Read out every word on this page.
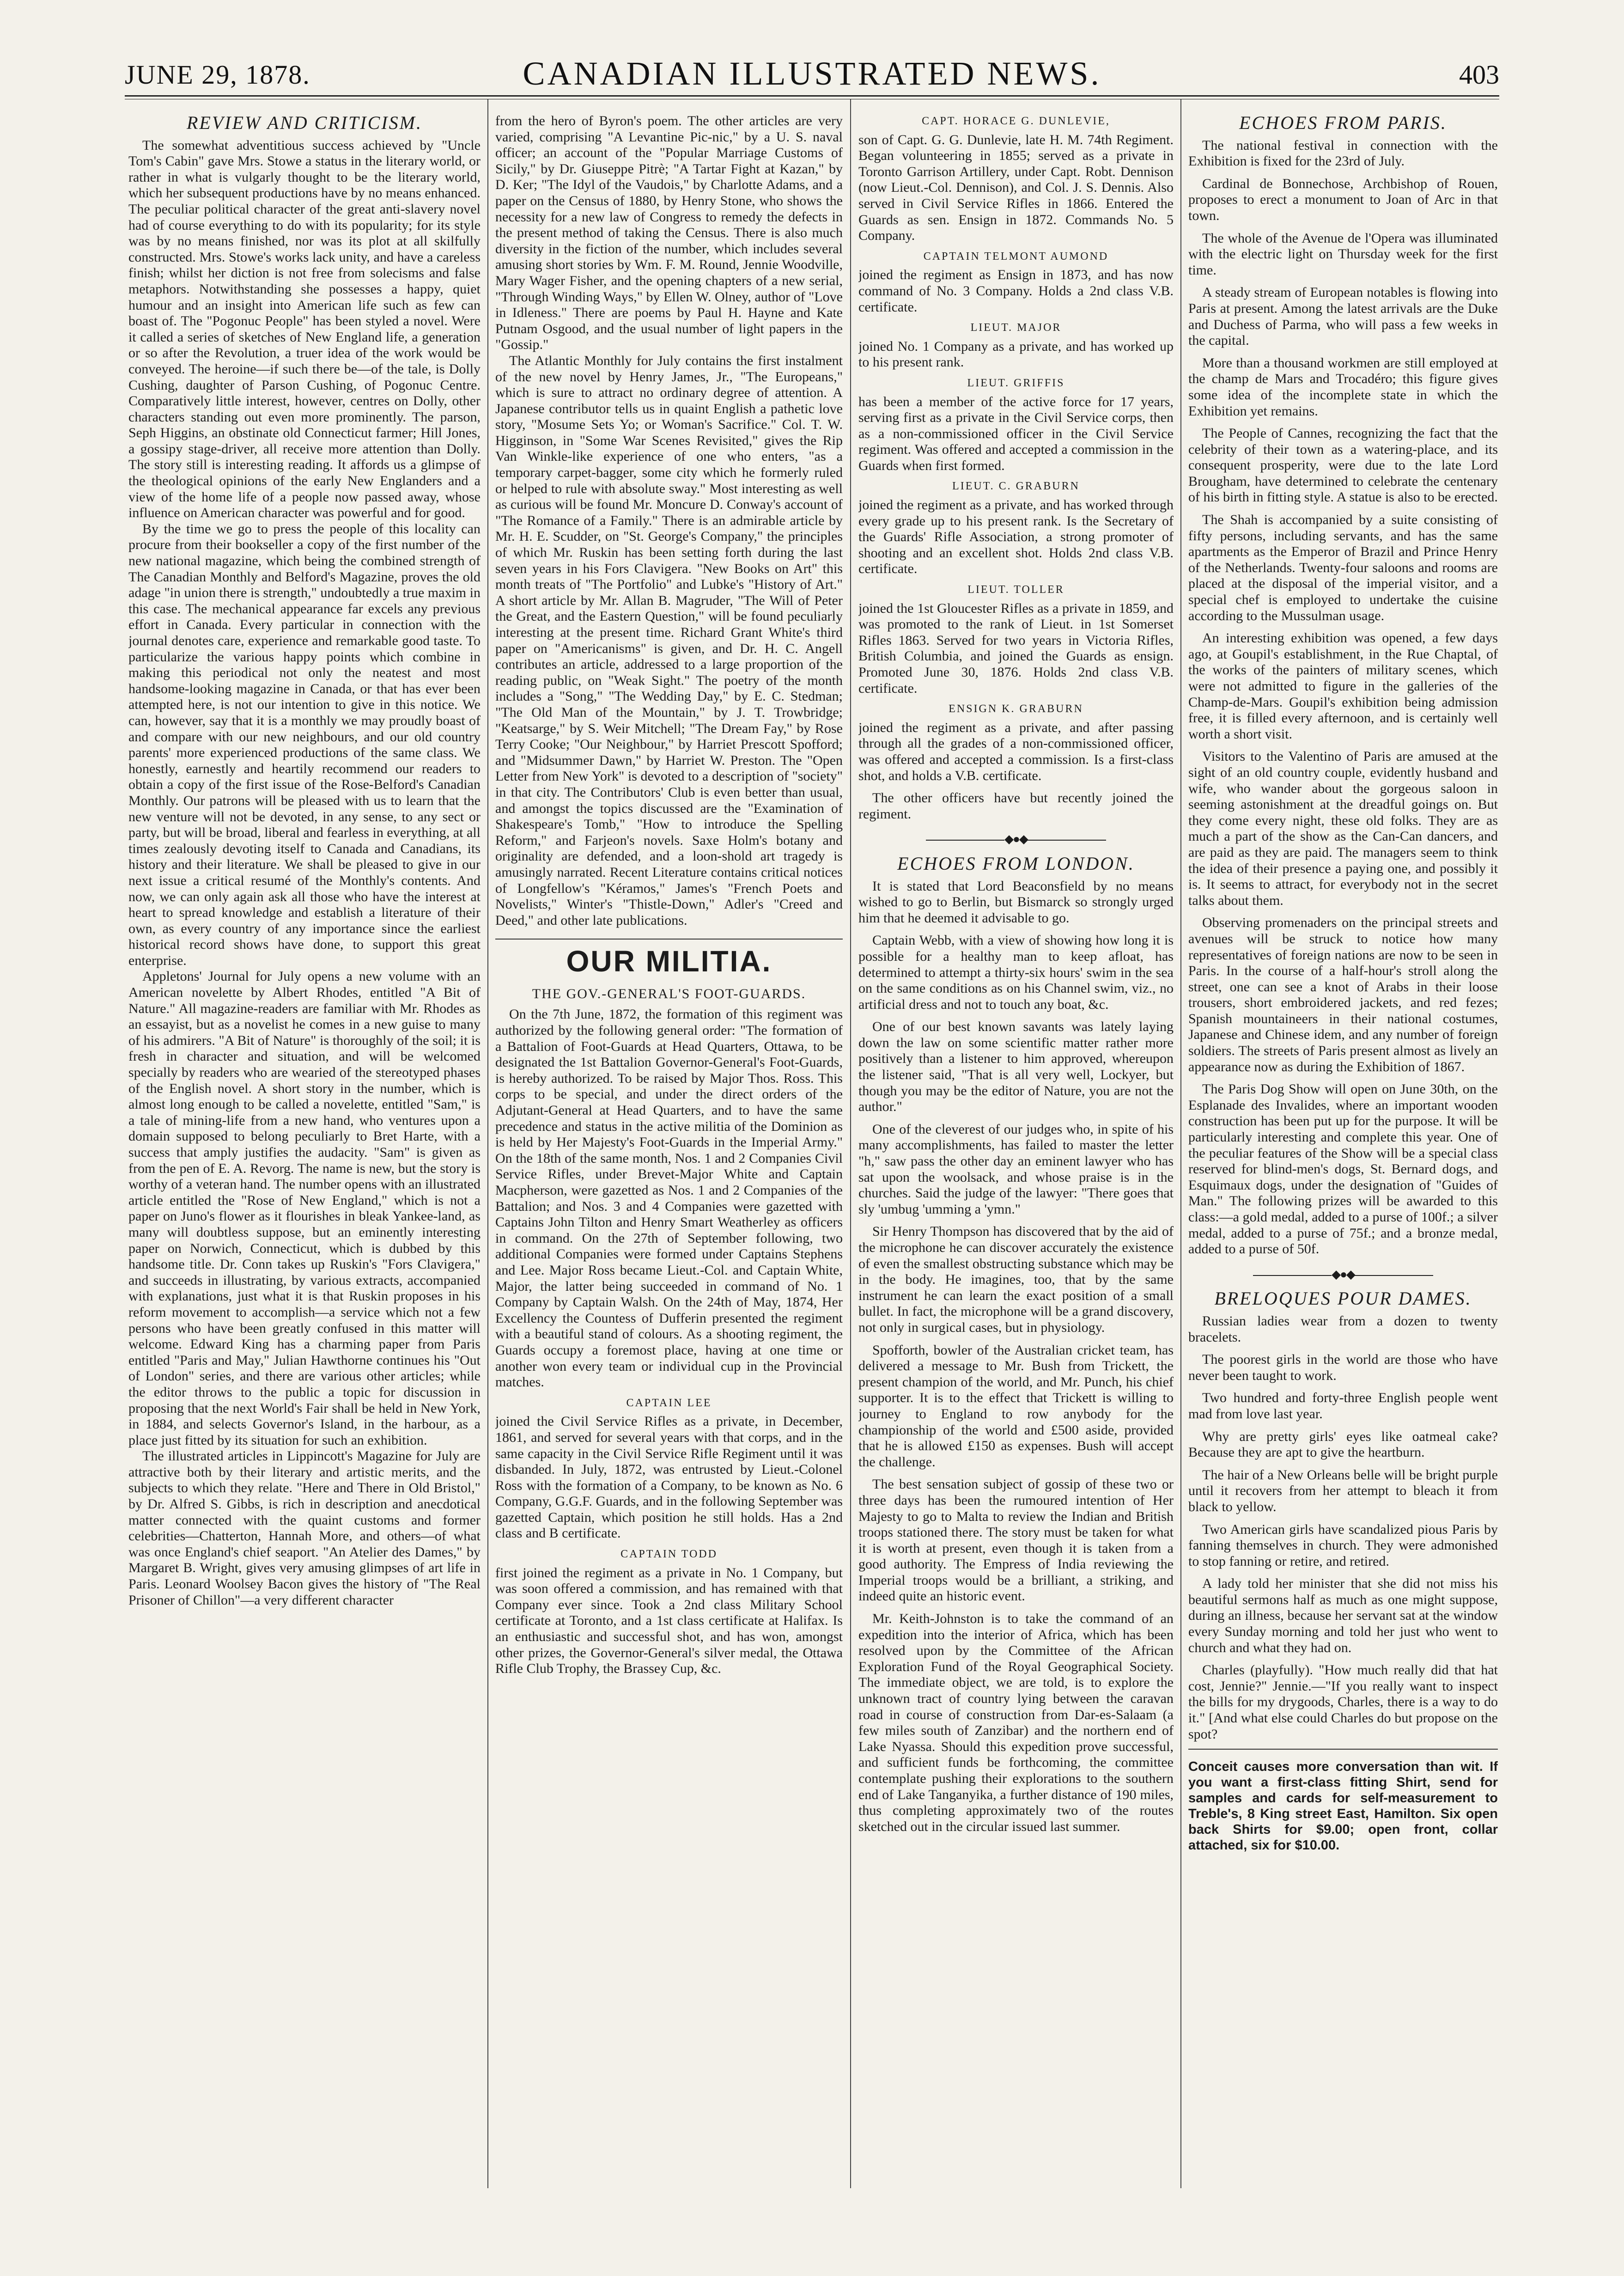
JUNE 29, 1878.	CANADIAN ILLUSTRATED NEWS.	403
REVIEW AND CRITICISM.

The somewhat adventitious success achieved by "Uncle Tom's Cabin" gave Mrs. Stowe a status in the literary world, or rather in what is vulgarly thought to be the literary world, which her subsequent productions have by no means enhanced. The peculiar political character of the great anti-slavery novel had of course everything to do with its popularity; for its style was by no means finished, nor was its plot at all skilfully constructed. Mrs. Stowe's works lack unity, and have a careless finish; whilst her diction is not free from solecisms and false metaphors. Notwithstanding she possesses a happy, quiet humour and an insight into American life such as few can boast of. The "Pogonuc People" has been styled a novel. Were it called a series of sketches of New England life, a generation or so after the Revolution, a truer idea of the work would be conveyed. The heroine—if such there be—of the tale, is Dolly Cushing, daughter of Parson Cushing, of Pogonuc Centre. Comparatively little interest, however, centres on Dolly, other characters standing out even more prominently. The parson, Seph Higgins, an obstinate old Connecticut farmer; Hill Jones, a gossipy stage-driver, all receive more attention than Dolly. The story still is interesting reading. It affords us a glimpse of the theological opinions of the early New Englanders and a view of the home life of a people now passed away, whose influence on American character was powerful and for good.

By the time we go to press the people of this locality can procure from their bookseller a copy of the first number of the new national magazine, which being the combined strength of The Canadian Monthly and Belford's Magazine, proves the old adage "in union there is strength," undoubtedly a true maxim in this case. The mechanical appearance far excels any previous effort in Canada. Every particular in connection with the journal denotes care, experience and remarkable good taste. To particularize the various happy points which combine in making this periodical not only the neatest and most handsome-looking magazine in Canada, or that has ever been attempted here, is not our intention to give in this notice. We can, however, say that it is a monthly we may proudly boast of and compare with our new neighbours, and our old country parents' more experienced productions of the same class. We honestly, earnestly and heartily recommend our readers to obtain a copy of the first issue of the Rose-Belford's Canadian Monthly. Our patrons will be pleased with us to learn that the new venture will not be devoted, in any sense, to any sect or party, but will be broad, liberal and fearless in everything, at all times zealously devoting itself to Canada and Canadians, its history and their literature. We shall be pleased to give in our next issue a critical resumé of the Monthly's contents. And now, we can only again ask all those who have the interest at heart to spread knowledge and establish a literature of their own, as every country of any importance since the earliest historical record shows have done, to support this great enterprise.

Appletons' Journal for July opens a new volume with an American novelette by Albert Rhodes, entitled "A Bit of Nature." All magazine-readers are familiar with Mr. Rhodes as an essayist, but as a novelist he comes in a new guise to many of his admirers. "A Bit of Nature" is thoroughly of the soil; it is fresh in character and situation, and will be welcomed specially by readers who are wearied of the stereotyped phases of the English novel. A short story in the number, which is almost long enough to be called a novelette, entitled "Sam," is a tale of mining-life from a new hand, who ventures upon a domain supposed to belong peculiarly to Bret Harte, with a success that amply justifies the audacity. "Sam" is given as from the pen of E. A. Revorg. The name is new, but the story is worthy of a veteran hand. The number opens with an illustrated article entitled the "Rose of New England," which is not a paper on Juno's flower as it flourishes in bleak Yankee-land, as many will doubtless suppose, but an eminently interesting paper on Norwich, Connecticut, which is dubbed by this handsome title. Dr. Conn takes up Ruskin's "Fors Clavigera," and succeeds in illustrating, by various extracts, accompanied with explanations, just what it is that Ruskin proposes in his reform movement to accomplish—a service which not a few persons who have been greatly confused in this matter will welcome. Edward King has a charming paper from Paris entitled "Paris and May," Julian Hawthorne continues his "Out of London" series, and there are various other articles; while the editor throws to the public a topic for discussion in proposing that the next World's Fair shall be held in New York, in 1884, and selects Governor's Island, in the harbour, as a place just fitted by its situation for such an exhibition.

The illustrated articles in Lippincott's Magazine for July are attractive both by their literary and artistic merits, and the subjects to which they relate. "Here and There in Old Bristol," by Dr. Alfred S. Gibbs, is rich in description and anecdotical matter connected with the quaint customs and former celebrities—Chatterton, Hannah More, and others—of what was once England's chief seaport. "An Atelier des Dames," by Margaret B. Wright, gives very amusing glimpses of art life in Paris. Leonard Woolsey Bacon gives the history of "The Real Prisoner of Chillon"—a very different character

from the hero of Byron's poem. The other articles are very varied, comprising "A Levantine Pic-nic," by a U. S. naval officer; an account of the "Popular Marriage Customs of Sicily," by Dr. Giuseppe Pitrè; "A Tartar Fight at Kazan," by D. Ker; "The Idyl of the Vaudois," by Charlotte Adams, and a paper on the Census of 1880, by Henry Stone, who shows the necessity for a new law of Congress to remedy the defects in the present method of taking the Census. There is also much diversity in the fiction of the number, which includes several amusing short stories by Wm. F. M. Round, Jennie Woodville, Mary Wager Fisher, and the opening chapters of a new serial, "Through Winding Ways," by Ellen W. Olney, author of "Love in Idleness." There are poems by Paul H. Hayne and Kate Putnam Osgood, and the usual number of light papers in the "Gossip."

The Atlantic Monthly for July contains the first instalment of the new novel by Henry James, Jr., "The Europeans," which is sure to attract no ordinary degree of attention. A Japanese contributor tells us in quaint English a pathetic love story, "Mosume Sets Yo; or Woman's Sacrifice." Col. T. W. Higginson, in "Some War Scenes Revisited," gives the Rip Van Winkle-like experience of one who enters, "as a temporary carpet-bagger, some city which he formerly ruled or helped to rule with absolute sway." Most interesting as well as curious will be found Mr. Moncure D. Conway's account of "The Romance of a Family." There is an admirable article by Mr. H. E. Scudder, on "St. George's Company," the principles of which Mr. Ruskin has been setting forth during the last seven years in his Fors Clavigera. "New Books on Art" this month treats of "The Portfolio" and Lubke's "History of Art." A short article by Mr. Allan B. Magruder, "The Will of Peter the Great, and the Eastern Question," will be found peculiarly interesting at the present time. Richard Grant White's third paper on "Americanisms" is given, and Dr. H. C. Angell contributes an article, addressed to a large proportion of the reading public, on "Weak Sight." The poetry of the month includes a "Song," "The Wedding Day," by E. C. Stedman; "The Old Man of the Mountain," by J. T. Trowbridge; "Keatsarge," by S. Weir Mitchell; "The Dream Fay," by Rose Terry Cooke; "Our Neighbour," by Harriet Prescott Spofford; and "Midsummer Dawn," by Harriet W. Preston. The "Open Letter from New York" is devoted to a description of "society" in that city. The Contributors' Club is even better than usual, and amongst the topics discussed are the "Examination of Shakespeare's Tomb," "How to introduce the Spelling Reform," and Farjeon's novels. Saxe Holm's botany and originality are defended, and a loon-shold art tragedy is amusingly narrated. Recent Literature contains critical notices of Longfellow's "Kéramos," James's "French Poets and Novelists," Winter's "Thistle-Down," Adler's "Creed and Deed," and other late publications.

OUR MILITIA.
THE GOV.-GENERAL'S FOOT-GUARDS.

On the 7th June, 1872, the formation of this regiment was authorized by the following general order: "The formation of a Battalion of Foot-Guards at Head Quarters, Ottawa, to be designated the 1st Battalion Governor-General's Foot-Guards, is hereby authorized. To be raised by Major Thos. Ross. This corps to be special, and under the direct orders of the Adjutant-General at Head Quarters, and to have the same precedence and status in the active militia of the Dominion as is held by Her Majesty's Foot-Guards in the Imperial Army." On the 18th of the same month, Nos. 1 and 2 Companies Civil Service Rifles, under Brevet-Major White and Captain Macpherson, were gazetted as Nos. 1 and 2 Companies of the Battalion; and Nos. 3 and 4 Companies were gazetted with Captains John Tilton and Henry Smart Weatherley as officers in command. On the 27th of September following, two additional Companies were formed under Captains Stephens and Lee. Major Ross became Lieut.-Col. and Captain White, Major, the latter being succeeded in command of No. 1 Company by Captain Walsh. On the 24th of May, 1874, Her Excellency the Countess of Dufferin presented the regiment with a beautiful stand of colours. As a shooting regiment, the Guards occupy a foremost place, having at one time or another won every team or individual cup in the Provincial matches.

CAPTAIN LEE

joined the Civil Service Rifles as a private, in December, 1861, and served for several years with that corps, and in the same capacity in the Civil Service Rifle Regiment until it was disbanded. In July, 1872, was entrusted by Lieut.-Colonel Ross with the formation of a Company, to be known as No. 6 Company, G.G.F. Guards, and in the following September was gazetted Captain, which position he still holds. Has a 2nd class and B certificate.

CAPTAIN TODD

first joined the regiment as a private in No. 1 Company, but was soon offered a commission, and has remained with that Company ever since. Took a 2nd class Military School certificate at Toronto, and a 1st class certificate at Halifax. Is an enthusiastic and successful shot, and has won, amongst other prizes, the Governor-General's silver medal, the Ottawa Rifle Club Trophy, the Brassey Cup, &c.

CAPT. HORACE G. DUNLEVIE,

son of Capt. G. G. Dunlevie, late H. M. 74th Regiment. Began volunteering in 1855; served as a private in Toronto Garrison Artillery, under Capt. Robt. Dennison (now Lieut.-Col. Dennison), and Col. J. S. Dennis. Also served in Civil Service Rifles in 1866. Entered the Guards as sen. Ensign in 1872. Commands No. 5 Company.

CAPTAIN TELMONT AUMOND

joined the regiment as Ensign in 1873, and has now command of No. 3 Company. Holds a 2nd class V.B. certificate.

LIEUT. MAJOR

joined No. 1 Company as a private, and has worked up to his present rank.

LIEUT. GRIFFIS

has been a member of the active force for 17 years, serving first as a private in the Civil Service corps, then as a non-commissioned officer in the Civil Service regiment. Was offered and accepted a commission in the Guards when first formed.

LIEUT. C. GRABURN

joined the regiment as a private, and has worked through every grade up to his present rank. Is the Secretary of the Guards' Rifle Association, a strong promoter of shooting and an excellent shot. Holds 2nd class V.B. certificate.

LIEUT. TOLLER

joined the 1st Gloucester Rifles as a private in 1859, and was promoted to the rank of Lieut. in 1st Somerset Rifles 1863. Served for two years in Victoria Rifles, British Columbia, and joined the Guards as ensign. Promoted June 30, 1876. Holds 2nd class V.B. certificate.

ENSIGN K. GRABURN

joined the regiment as a private, and after passing through all the grades of a non-commissioned officer, was offered and accepted a commission. Is a first-class shot, and holds a V.B. certificate.

The other officers have but recently joined the regiment.

◆●◆
ECHOES FROM LONDON.

It is stated that Lord Beaconsfield by no means wished to go to Berlin, but Bismarck so strongly urged him that he deemed it advisable to go.

Captain Webb, with a view of showing how long it is possible for a healthy man to keep afloat, has determined to attempt a thirty-six hours' swim in the sea on the same conditions as on his Channel swim, viz., no artificial dress and not to touch any boat, &c.

One of our best known savants was lately laying down the law on some scientific matter rather more positively than a listener to him approved, whereupon the listener said, "That is all very well, Lockyer, but though you may be the editor of Nature, you are not the author."

One of the cleverest of our judges who, in spite of his many accomplishments, has failed to master the letter "h," saw pass the other day an eminent lawyer who has sat upon the woolsack, and whose praise is in the churches. Said the judge of the lawyer: "There goes that sly 'umbug 'umming a 'ymn."

Sir Henry Thompson has discovered that by the aid of the microphone he can discover accurately the existence of even the smallest obstructing substance which may be in the body. He imagines, too, that by the same instrument he can learn the exact position of a small bullet. In fact, the microphone will be a grand discovery, not only in surgical cases, but in physiology.

Spofforth, bowler of the Australian cricket team, has delivered a message to Mr. Bush from Trickett, the present champion of the world, and Mr. Punch, his chief supporter. It is to the effect that Trickett is willing to journey to England to row anybody for the championship of the world and £500 aside, provided that he is allowed £150 as expenses. Bush will accept the challenge.

The best sensation subject of gossip of these two or three days has been the rumoured intention of Her Majesty to go to Malta to review the Indian and British troops stationed there. The story must be taken for what it is worth at present, even though it is taken from a good authority. The Empress of India reviewing the Imperial troops would be a brilliant, a striking, and indeed quite an historic event.

Mr. Keith-Johnston is to take the command of an expedition into the interior of Africa, which has been resolved upon by the Committee of the African Exploration Fund of the Royal Geographical Society. The immediate object, we are told, is to explore the unknown tract of country lying between the caravan road in course of construction from Dar-es-Salaam (a few miles south of Zanzibar) and the northern end of Lake Nyassa. Should this expedition prove successful, and sufficient funds be forthcoming, the committee contemplate pushing their explorations to the southern end of Lake Tanganyika, a further distance of 190 miles, thus completing approximately two of the routes sketched out in the circular issued last summer.

ECHOES FROM PARIS.

The national festival in connection with the Exhibition is fixed for the 23rd of July.

Cardinal de Bonnechose, Archbishop of Rouen, proposes to erect a monument to Joan of Arc in that town.

The whole of the Avenue de l'Opera was illuminated with the electric light on Thursday week for the first time.

A steady stream of European notables is flowing into Paris at present. Among the latest arrivals are the Duke and Duchess of Parma, who will pass a few weeks in the capital.

More than a thousand workmen are still employed at the champ de Mars and Trocadéro; this figure gives some idea of the incomplete state in which the Exhibition yet remains.

The People of Cannes, recognizing the fact that the celebrity of their town as a watering-place, and its consequent prosperity, were due to the late Lord Brougham, have determined to celebrate the centenary of his birth in fitting style. A statue is also to be erected.

The Shah is accompanied by a suite consisting of fifty persons, including servants, and has the same apartments as the Emperor of Brazil and Prince Henry of the Netherlands. Twenty-four saloons and rooms are placed at the disposal of the imperial visitor, and a special chef is employed to undertake the cuisine according to the Mussulman usage.

An interesting exhibition was opened, a few days ago, at Goupil's establishment, in the Rue Chaptal, of the works of the painters of military scenes, which were not admitted to figure in the galleries of the Champ-de-Mars. Goupil's exhibition being admission free, it is filled every afternoon, and is certainly well worth a short visit.

Visitors to the Valentino of Paris are amused at the sight of an old country couple, evidently husband and wife, who wander about the gorgeous saloon in seeming astonishment at the dreadful goings on. But they come every night, these old folks. They are as much a part of the show as the Can-Can dancers, and are paid as they are paid. The managers seem to think the idea of their presence a paying one, and possibly it is. It seems to attract, for everybody not in the secret talks about them.

Observing promenaders on the principal streets and avenues will be struck to notice how many representatives of foreign nations are now to be seen in Paris. In the course of a half-hour's stroll along the street, one can see a knot of Arabs in their loose trousers, short embroidered jackets, and red fezes; Spanish mountaineers in their national costumes, Japanese and Chinese idem, and any number of foreign soldiers. The streets of Paris present almost as lively an appearance now as during the Exhibition of 1867.

The Paris Dog Show will open on June 30th, on the Esplanade des Invalides, where an important wooden construction has been put up for the purpose. It will be particularly interesting and complete this year. One of the peculiar features of the Show will be a special class reserved for blind-men's dogs, St. Bernard dogs, and Esquimaux dogs, under the designation of "Guides of Man." The following prizes will be awarded to this class:—a gold medal, added to a purse of 100f.; a silver medal, added to a purse of 75f.; and a bronze medal, added to a purse of 50f.

◆●◆
BRELOQUES POUR DAMES.

Russian ladies wear from a dozen to twenty bracelets.

The poorest girls in the world are those who have never been taught to work.

Two hundred and forty-three English people went mad from love last year.

Why are pretty girls' eyes like oatmeal cake? Because they are apt to give the heartburn.

The hair of a New Orleans belle will be bright purple until it recovers from her attempt to bleach it from black to yellow.

Two American girls have scandalized pious Paris by fanning themselves in church. They were admonished to stop fanning or retire, and retired.

A lady told her minister that she did not miss his beautiful sermons half as much as one might suppose, during an illness, because her servant sat at the window every Sunday morning and told her just who went to church and what they had on.

Charles (playfully). "How much really did that hat cost, Jennie?" Jennie.—"If you really want to inspect the bills for my drygoods, Charles, there is a way to do it." [And what else could Charles do but propose on the spot?

Conceit causes more conversation than wit. If you want a first-class fitting Shirt, send for samples and cards for self-measurement to Treble's, 8 King street East, Hamilton. Six open back Shirts for $9.00; open front, collar attached, six for $10.00.
